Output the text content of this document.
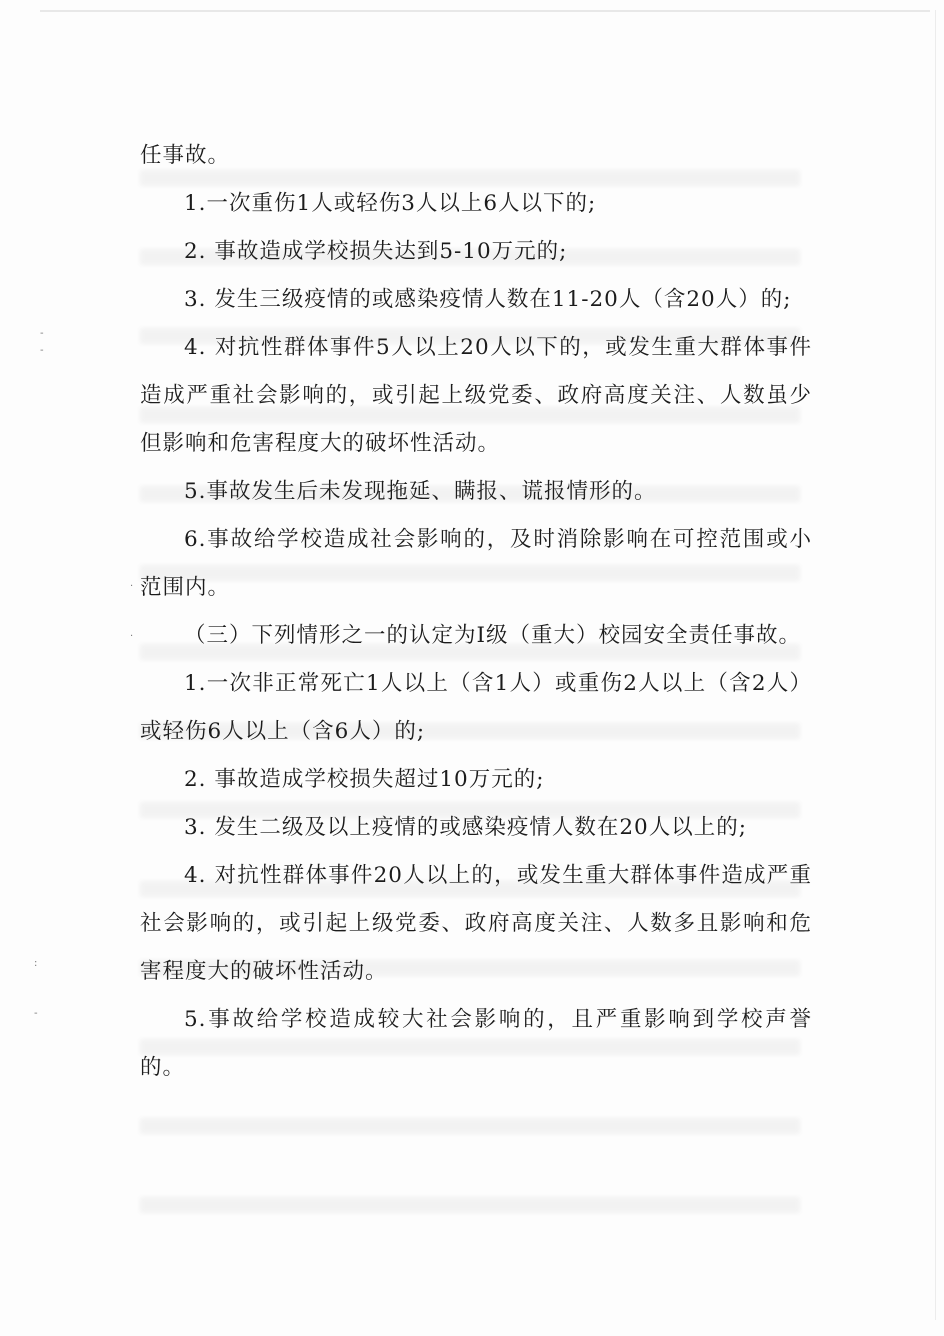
-
-
.
.
:
-

任事故。

1.一次重伤1人或轻伤3人以上6人以下的;

2. 事故造成学校损失达到5-10万元的;

3. 发生三级疫情的或感染疫情人数在11-20人（含20人）的;

4. 对抗性群体事件5人以上20人以下的，或发生重大群体事件造成严重社会影响的，或引起上级党委、政府高度关注、人数虽少但影响和危害程度大的破坏性活动。

5.事故发生后未发现拖延、瞒报、谎报情形的。

6.事故给学校造成社会影响的，及时消除影响在可控范围或小范围内。

（三）下列情形之一的认定为I级（重大）校园安全责任事故。

1.一次非正常死亡1人以上（含1人）或重伤2人以上（含2人）或轻伤6人以上（含6人）的;

2. 事故造成学校损失超过10万元的;

3. 发生二级及以上疫情的或感染疫情人数在20人以上的;

4. 对抗性群体事件20人以上的，或发生重大群体事件造成严重社会影响的，或引起上级党委、政府高度关注、人数多且影响和危害程度大的破坏性活动。

5.事故给学校造成较大社会影响的，且严重影响到学校声誉的。
